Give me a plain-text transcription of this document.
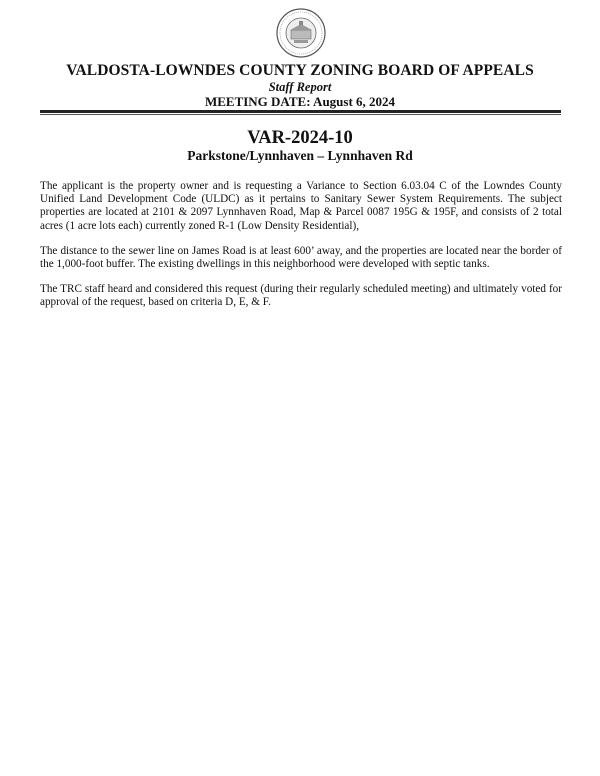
VALDOSTA-LOWNDES COUNTY ZONING BOARD OF APPEALS
Staff Report
MEETING DATE: August 6, 2024
VAR-2024-10
Parkstone/Lynnhaven – Lynnhaven Rd

The applicant is the property owner and is requesting a Variance to Section 6.03.04 C of the Lowndes County Unified Land Development Code (ULDC) as it pertains to Sanitary Sewer System Requirements. The subject properties are located at 2101 & 2097 Lynnhaven Road, Map & Parcel 0087 195G & 195F, and consists of 2 total acres (1 acre lots each) currently zoned R-1 (Low Density Residential),

The distance to the sewer line on James Road is at least 600’ away, and the properties are located near the border of the 1,000-foot buffer. The existing dwellings in this neighborhood were developed with septic tanks.

The TRC staff heard and considered this request (during their regularly scheduled meeting) and ultimately voted for approval of the request, based on criteria D, E, & F.
